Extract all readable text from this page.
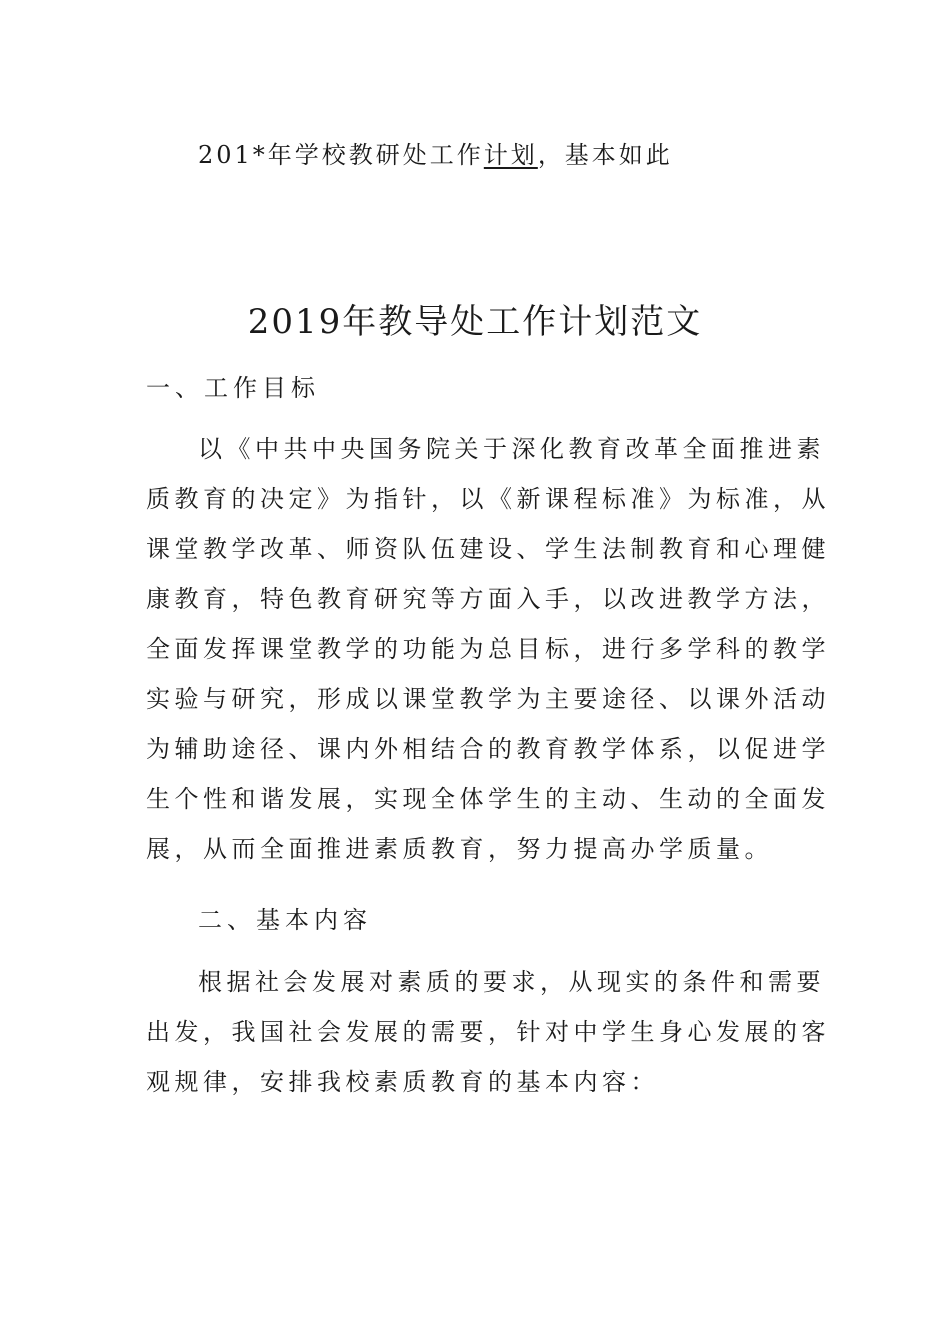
201*年学校教研处工作计划，基本如此
2019年教导处工作计划范文
一、工作目标
以《中共中央国务院关于深化教育改革全面推进素
质教育的决定》为指针，以《新课程标准》为标准，从
课堂教学改革、师资队伍建设、学生法制教育和心理健
康教育，特色教育研究等方面入手，以改进教学方法，
全面发挥课堂教学的功能为总目标，进行多学科的教学
实验与研究，形成以课堂教学为主要途径、以课外活动
为辅助途径、课内外相结合的教育教学体系，以促进学
生个性和谐发展，实现全体学生的主动、生动的全面发
展，从而全面推进素质教育，努力提高办学质量。
二、基本内容
根据社会发展对素质的要求，从现实的条件和需要
出发，我国社会发展的需要，针对中学生身心发展的客
观规律，安排我校素质教育的基本内容：
